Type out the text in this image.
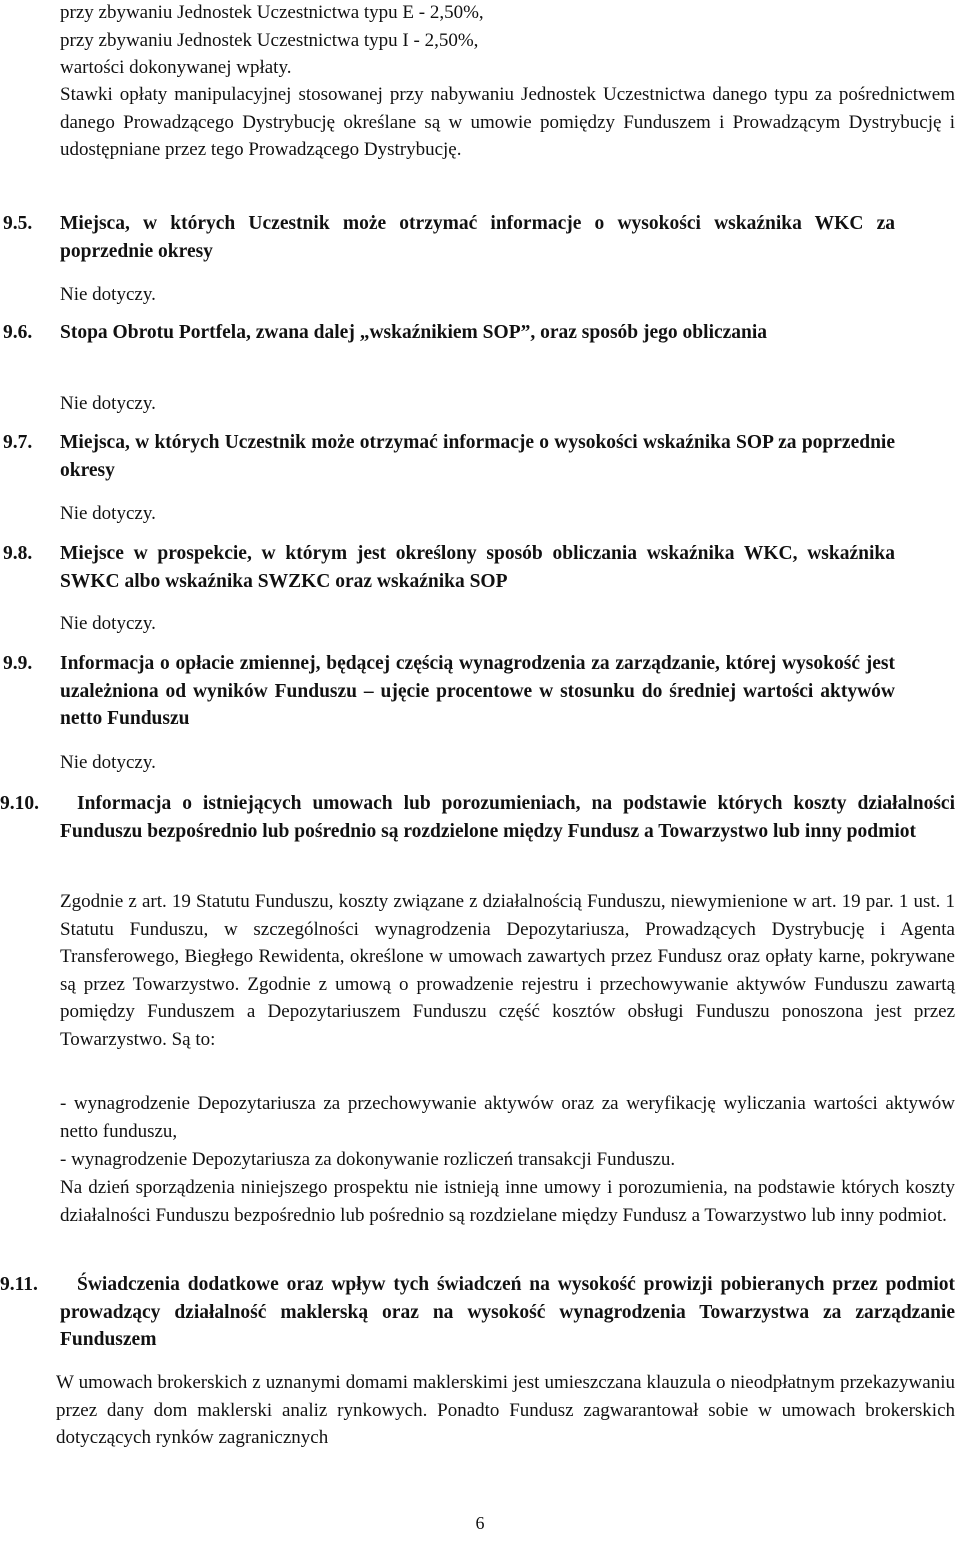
przy zbywaniu Jednostek Uczestnictwa typu E - 2,50%,
przy zbywaniu Jednostek Uczestnictwa typu I - 2,50%,
wartości dokonywanej wpłaty.
Stawki opłaty manipulacyjnej stosowanej przy nabywaniu Jednostek Uczestnictwa danego typu za pośrednictwem danego Prowadzącego Dystrybucję określane są w umowie pomiędzy Funduszem i Prowadzącym Dystrybucję i udostępniane przez tego Prowadzącego Dystrybucję.
9.5. Miejsca, w których Uczestnik może otrzymać informacje o wysokości wskaźnika WKC za poprzednie okresy
Nie dotyczy.
9.6. Stopa Obrotu Portfela, zwana dalej „wskaźnikiem SOP”, oraz sposób jego obliczania
Nie dotyczy.
9.7. Miejsca, w których Uczestnik może otrzymać informacje o wysokości wskaźnika SOP za poprzednie okresy
Nie dotyczy.
9.8. Miejsce w prospekcie, w którym jest określony sposób obliczania wskaźnika WKC, wskaźnika SWKC albo wskaźnika SWZKC oraz wskaźnika SOP
Nie dotyczy.
9.9. Informacja o opłacie zmiennej, będącej częścią wynagrodzenia za zarządzanie, której wysokość jest uzależniona od wyników Funduszu – ujęcie procentowe w stosunku do średniej wartości aktywów netto Funduszu
Nie dotyczy.
9.10.	Informacja o istniejących umowach lub porozumieniach, na podstawie których koszty działalności Funduszu bezpośrednio lub pośrednio są rozdzielone między Fundusz a Towarzystwo lub inny podmiot
Zgodnie z art. 19 Statutu Funduszu, koszty związane z działalnością Funduszu, niewymienione w art. 19 par. 1 ust. 1 Statutu Funduszu, w szczególności wynagrodzenia Depozytariusza, Prowadzących Dystrybucję i Agenta Transferowego, Biegłego Rewidenta, określone w umowach zawartych przez Fundusz oraz opłaty karne, pokrywane są przez Towarzystwo. Zgodnie z umową o prowadzenie rejestru i przechowywanie aktywów Funduszu zawartą pomiędzy Funduszem a Depozytariuszem Funduszu część kosztów obsługi Funduszu ponoszona jest przez Towarzystwo. Są to:
- wynagrodzenie Depozytariusza za przechowywanie aktywów oraz za weryfikację wyliczania wartości aktywów netto funduszu,
- wynagrodzenie Depozytariusza za dokonywanie rozliczeń transakcji Funduszu.
Na dzień sporządzenia niniejszego prospektu nie istnieją inne umowy i porozumienia, na podstawie których koszty działalności Funduszu bezpośrednio lub pośrednio są rozdzielane między Fundusz a Towarzystwo lub inny podmiot.
9.11.	Świadczenia dodatkowe oraz wpływ tych świadczeń na wysokość prowizji pobieranych przez podmiot prowadzący działalność maklerską oraz na wysokość wynagrodzenia Towarzystwa za zarządzanie Funduszem
W umowach brokerskich z uznanymi domami maklerskimi jest umieszczana klauzula o nieodpłatnym przekazywaniu przez dany dom maklerski analiz rynkowych. Ponadto Fundusz zagwarantował sobie w umowach brokerskich dotyczących rynków zagranicznych
6
